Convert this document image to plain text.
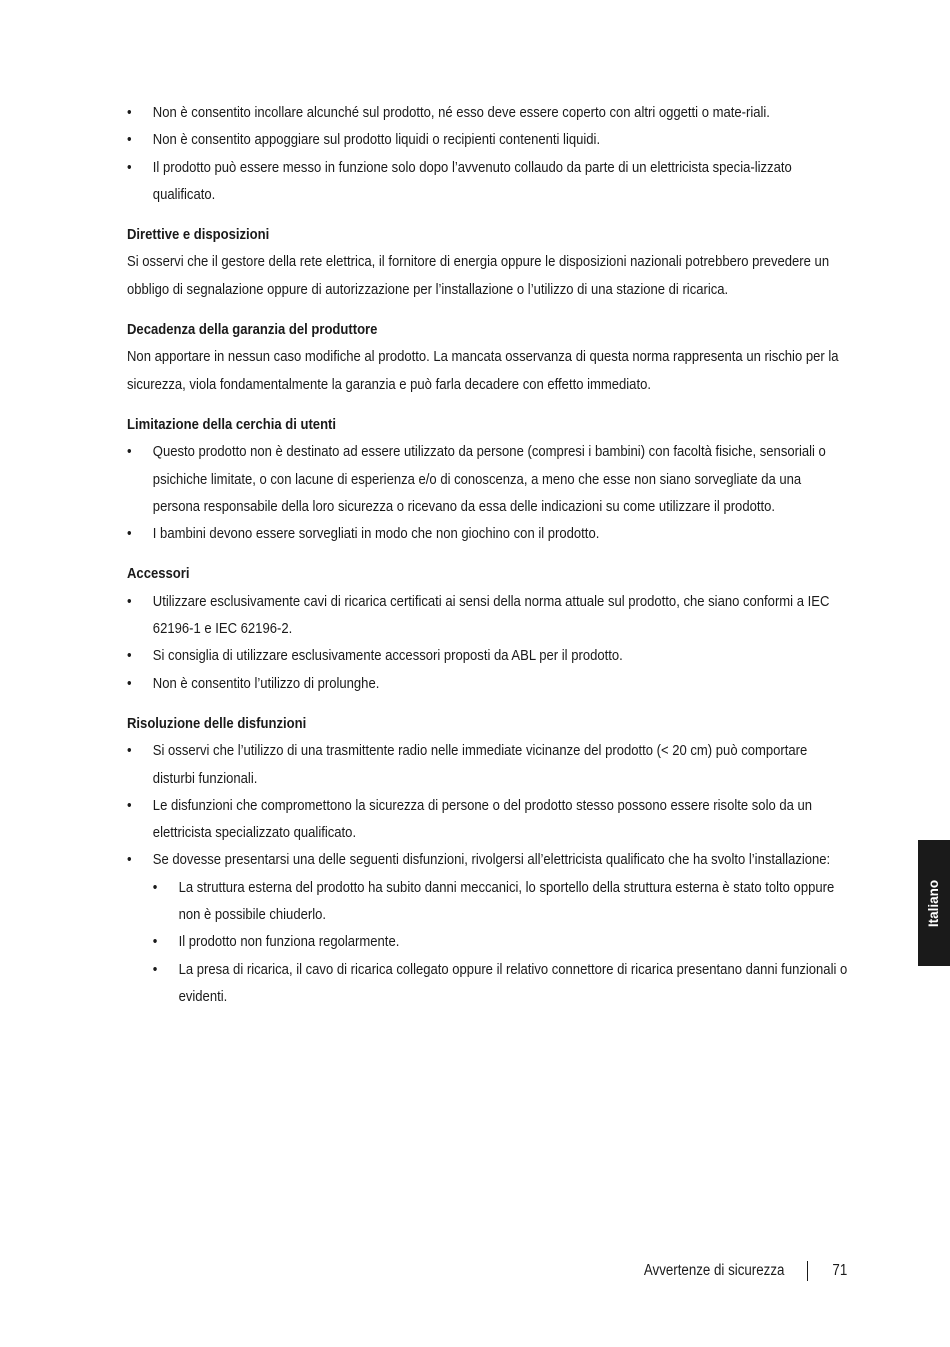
• Non è consentito incollare alcunché sul prodotto, né esso deve essere coperto con altri oggetti o mate-riali.
• Non è consentito appoggiare sul prodotto liquidi o recipienti contenenti liquidi.
• Il prodotto può essere messo in funzione solo dopo l’avvenuto collaudo da parte di un elettricista specia-lizzato qualificato.

Direttive e disposizioni

Si osservi che il gestore della rete elettrica, il fornitore di energia oppure le disposizioni nazionali potrebbero prevedere un obbligo di segnalazione oppure di autorizzazione per l’installazione o l’utilizzo di una stazione di ricarica.

Decadenza della garanzia del produttore

Non apportare in nessun caso modifiche al prodotto. La mancata osservanza di questa norma rappresenta un rischio per la sicurezza, viola fondamentalmente la garanzia e può farla decadere con effetto immediato.

Limitazione della cerchia di utenti

• Questo prodotto non è destinato ad essere utilizzato da persone (compresi i bambini) con facoltà fisiche, sensoriali o psichiche limitate, o con lacune di esperienza e/o di conoscenza, a meno che esse non siano sorvegliate da una persona responsabile della loro sicurezza o ricevano da essa delle indicazioni su come utilizzare il prodotto.
• I bambini devono essere sorvegliati in modo che non giochino con il prodotto.

Accessori

• Utilizzare esclusivamente cavi di ricarica certificati ai sensi della norma attuale sul prodotto, che siano conformi a IEC 62196-1 e IEC 62196-2.
• Si consiglia di utilizzare esclusivamente accessori proposti da ABL per il prodotto.
• Non è consentito l’utilizzo di prolunghe.

Risoluzione delle disfunzioni

• Si osservi che l’utilizzo di una trasmittente radio nelle immediate vicinanze del prodotto (< 20 cm) può comportare disturbi funzionali.
• Le disfunzioni che compromettono la sicurezza di persone o del prodotto stesso possono essere risolte solo da un elettricista specializzato qualificato.
• Se dovesse presentarsi una delle seguenti disfunzioni, rivolgersi all’elettricista qualificato che ha svolto l’installazione:
• La struttura esterna del prodotto ha subito danni meccanici, lo sportello della struttura esterna è stato tolto oppure non è possibile chiuderlo.
• Il prodotto non funziona regolarmente.
• La presa di ricarica, il cavo di ricarica collegato oppure il relativo connettore di ricarica presentano danni funzionali o evidenti.
Italiano
Avvertenze di sicurezza	71
